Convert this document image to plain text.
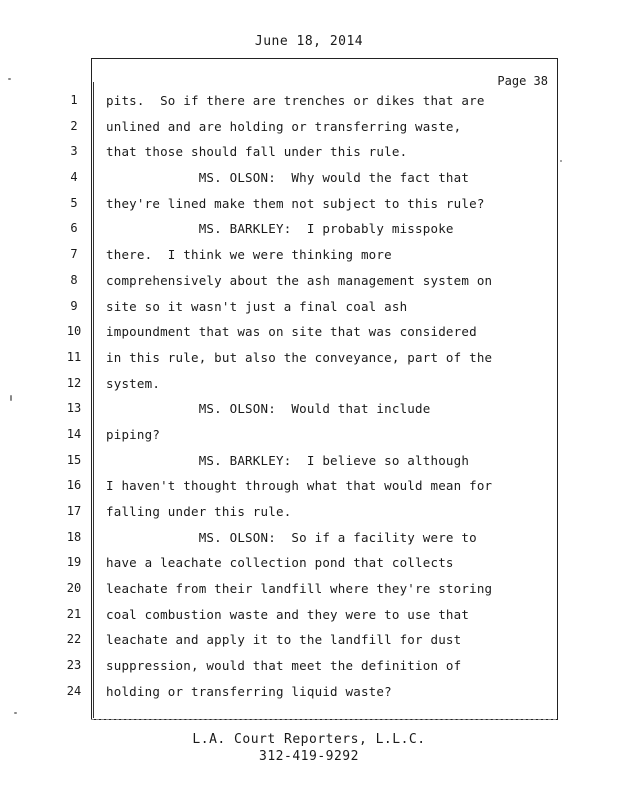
June 18, 2014
Page 38
1
2
3
4
5
6
7
8
9
10
11
12
13
14
15
16
17
18
19
20
21
22
23
24
pits.  So if there are trenches or dikes that are
unlined and are holding or transferring waste,
that those should fall under this rule.
MS. OLSON:  Why would the fact that
they're lined make them not subject to this rule?
MS. BARKLEY:  I probably misspoke
there.  I think we were thinking more
comprehensively about the ash management system on
site so it wasn't just a final coal ash
impoundment that was on site that was considered
in this rule, but also the conveyance, part of the
system.
MS. OLSON:  Would that include
piping?
MS. BARKLEY:  I believe so although
I haven't thought through what that would mean for
falling under this rule.
MS. OLSON:  So if a facility were to
have a leachate collection pond that collects
leachate from their landfill where they're storing
coal combustion waste and they were to use that
leachate and apply it to the landfill for dust
suppression, would that meet the definition of
holding or transferring liquid waste?
L.A. Court Reporters, L.L.C.
312-419-9292
